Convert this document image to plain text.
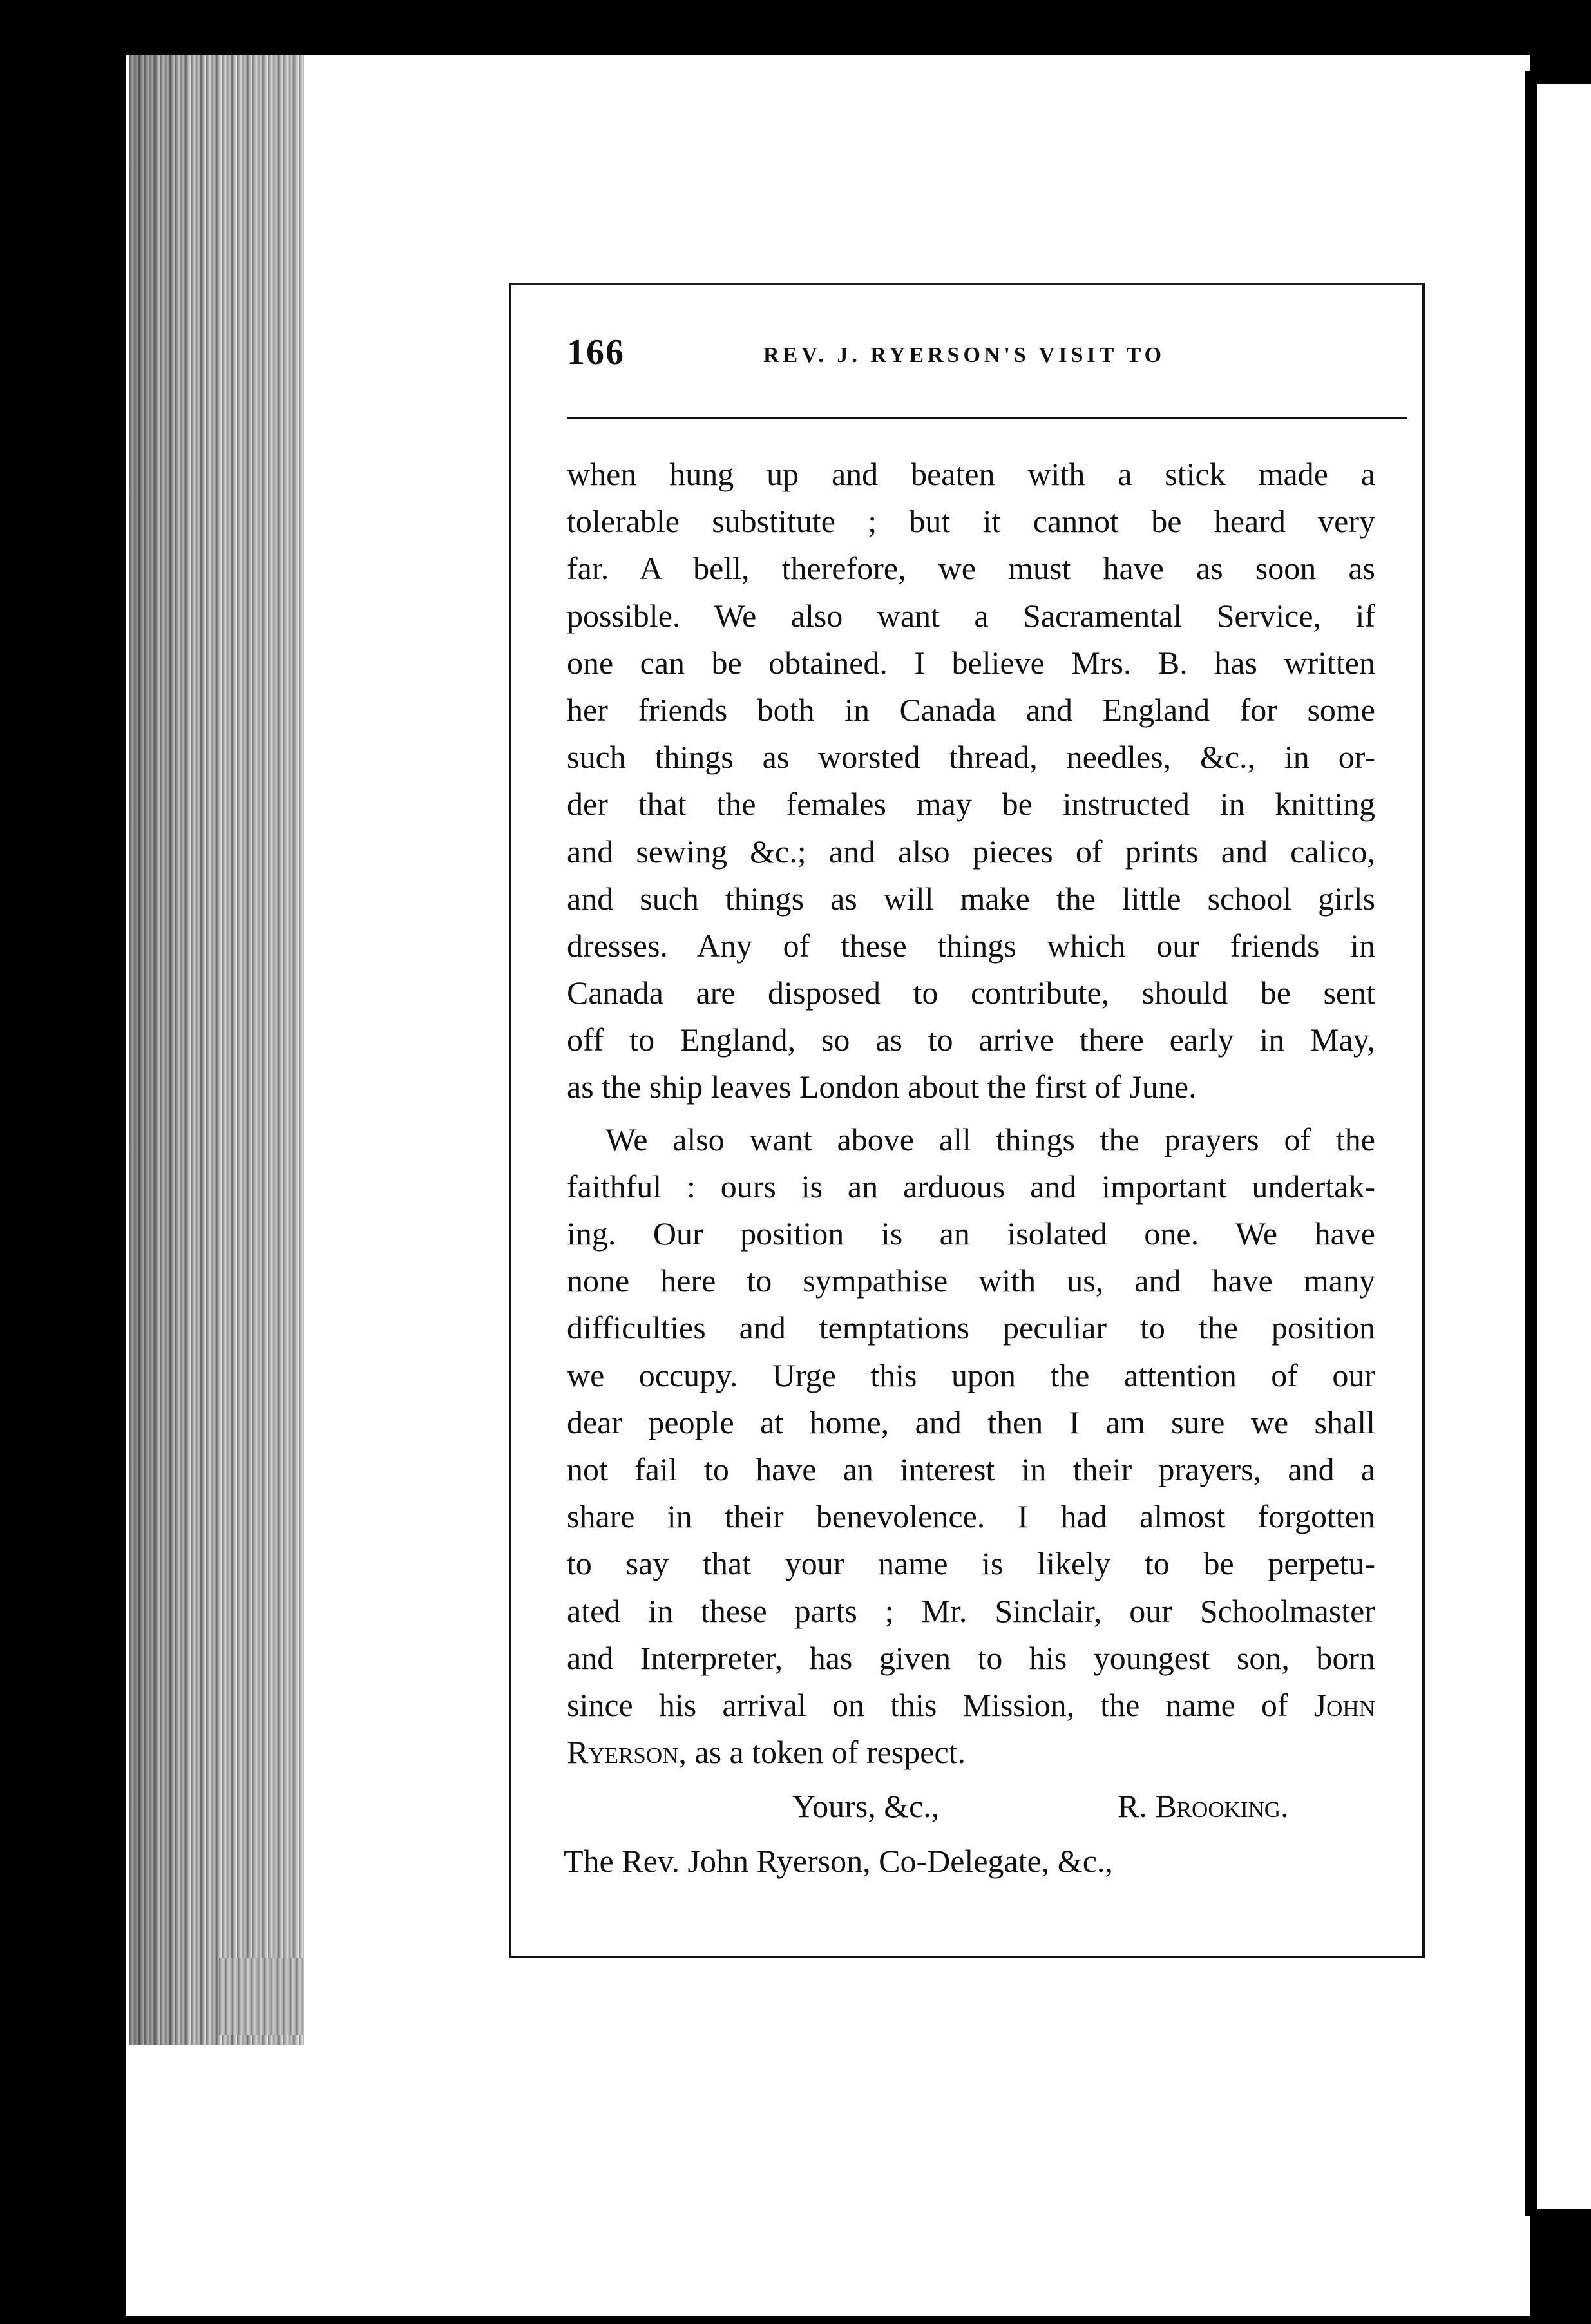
166	REV. J. RYERSON'S VISIT TO
when hung up and beaten with a stick made a
tolerable substitute ; but it cannot be heard very
far. A bell, therefore, we must have as soon as
possible. We also want a Sacramental Service, if
one can be obtained. I believe Mrs. B. has written
her friends both in Canada and England for some
such things as worsted thread, needles, &c., in or-
der that the females may be instructed in knitting
and sewing &c.; and also pieces of prints and calico,
and such things as will make the little school girls
dresses. Any of these things which our friends in
Canada are disposed to contribute, should be sent
off to England, so as to arrive there early in May,
as the ship leaves London about the first of June.
We also want above all things the prayers of the
faithful : ours is an arduous and important undertak-
ing. Our position is an isolated one. We have
none here to sympathise with us, and have many
difficulties and temptations peculiar to the position
we occupy. Urge this upon the attention of our
dear people at home, and then I am sure we shall
not fail to have an interest in their prayers, and a
share in their benevolence. I had almost forgotten
to say that your name is likely to be perpetu-
ated in these parts ; Mr. Sinclair, our Schoolmaster
and Interpreter, has given to his youngest son, born
since his arrival on this Mission, the name of John
Ryerson, as a token of respect.
Yours, &c.,	R. Brooking.
The Rev. John Ryerson, Co-Delegate, &c.,
